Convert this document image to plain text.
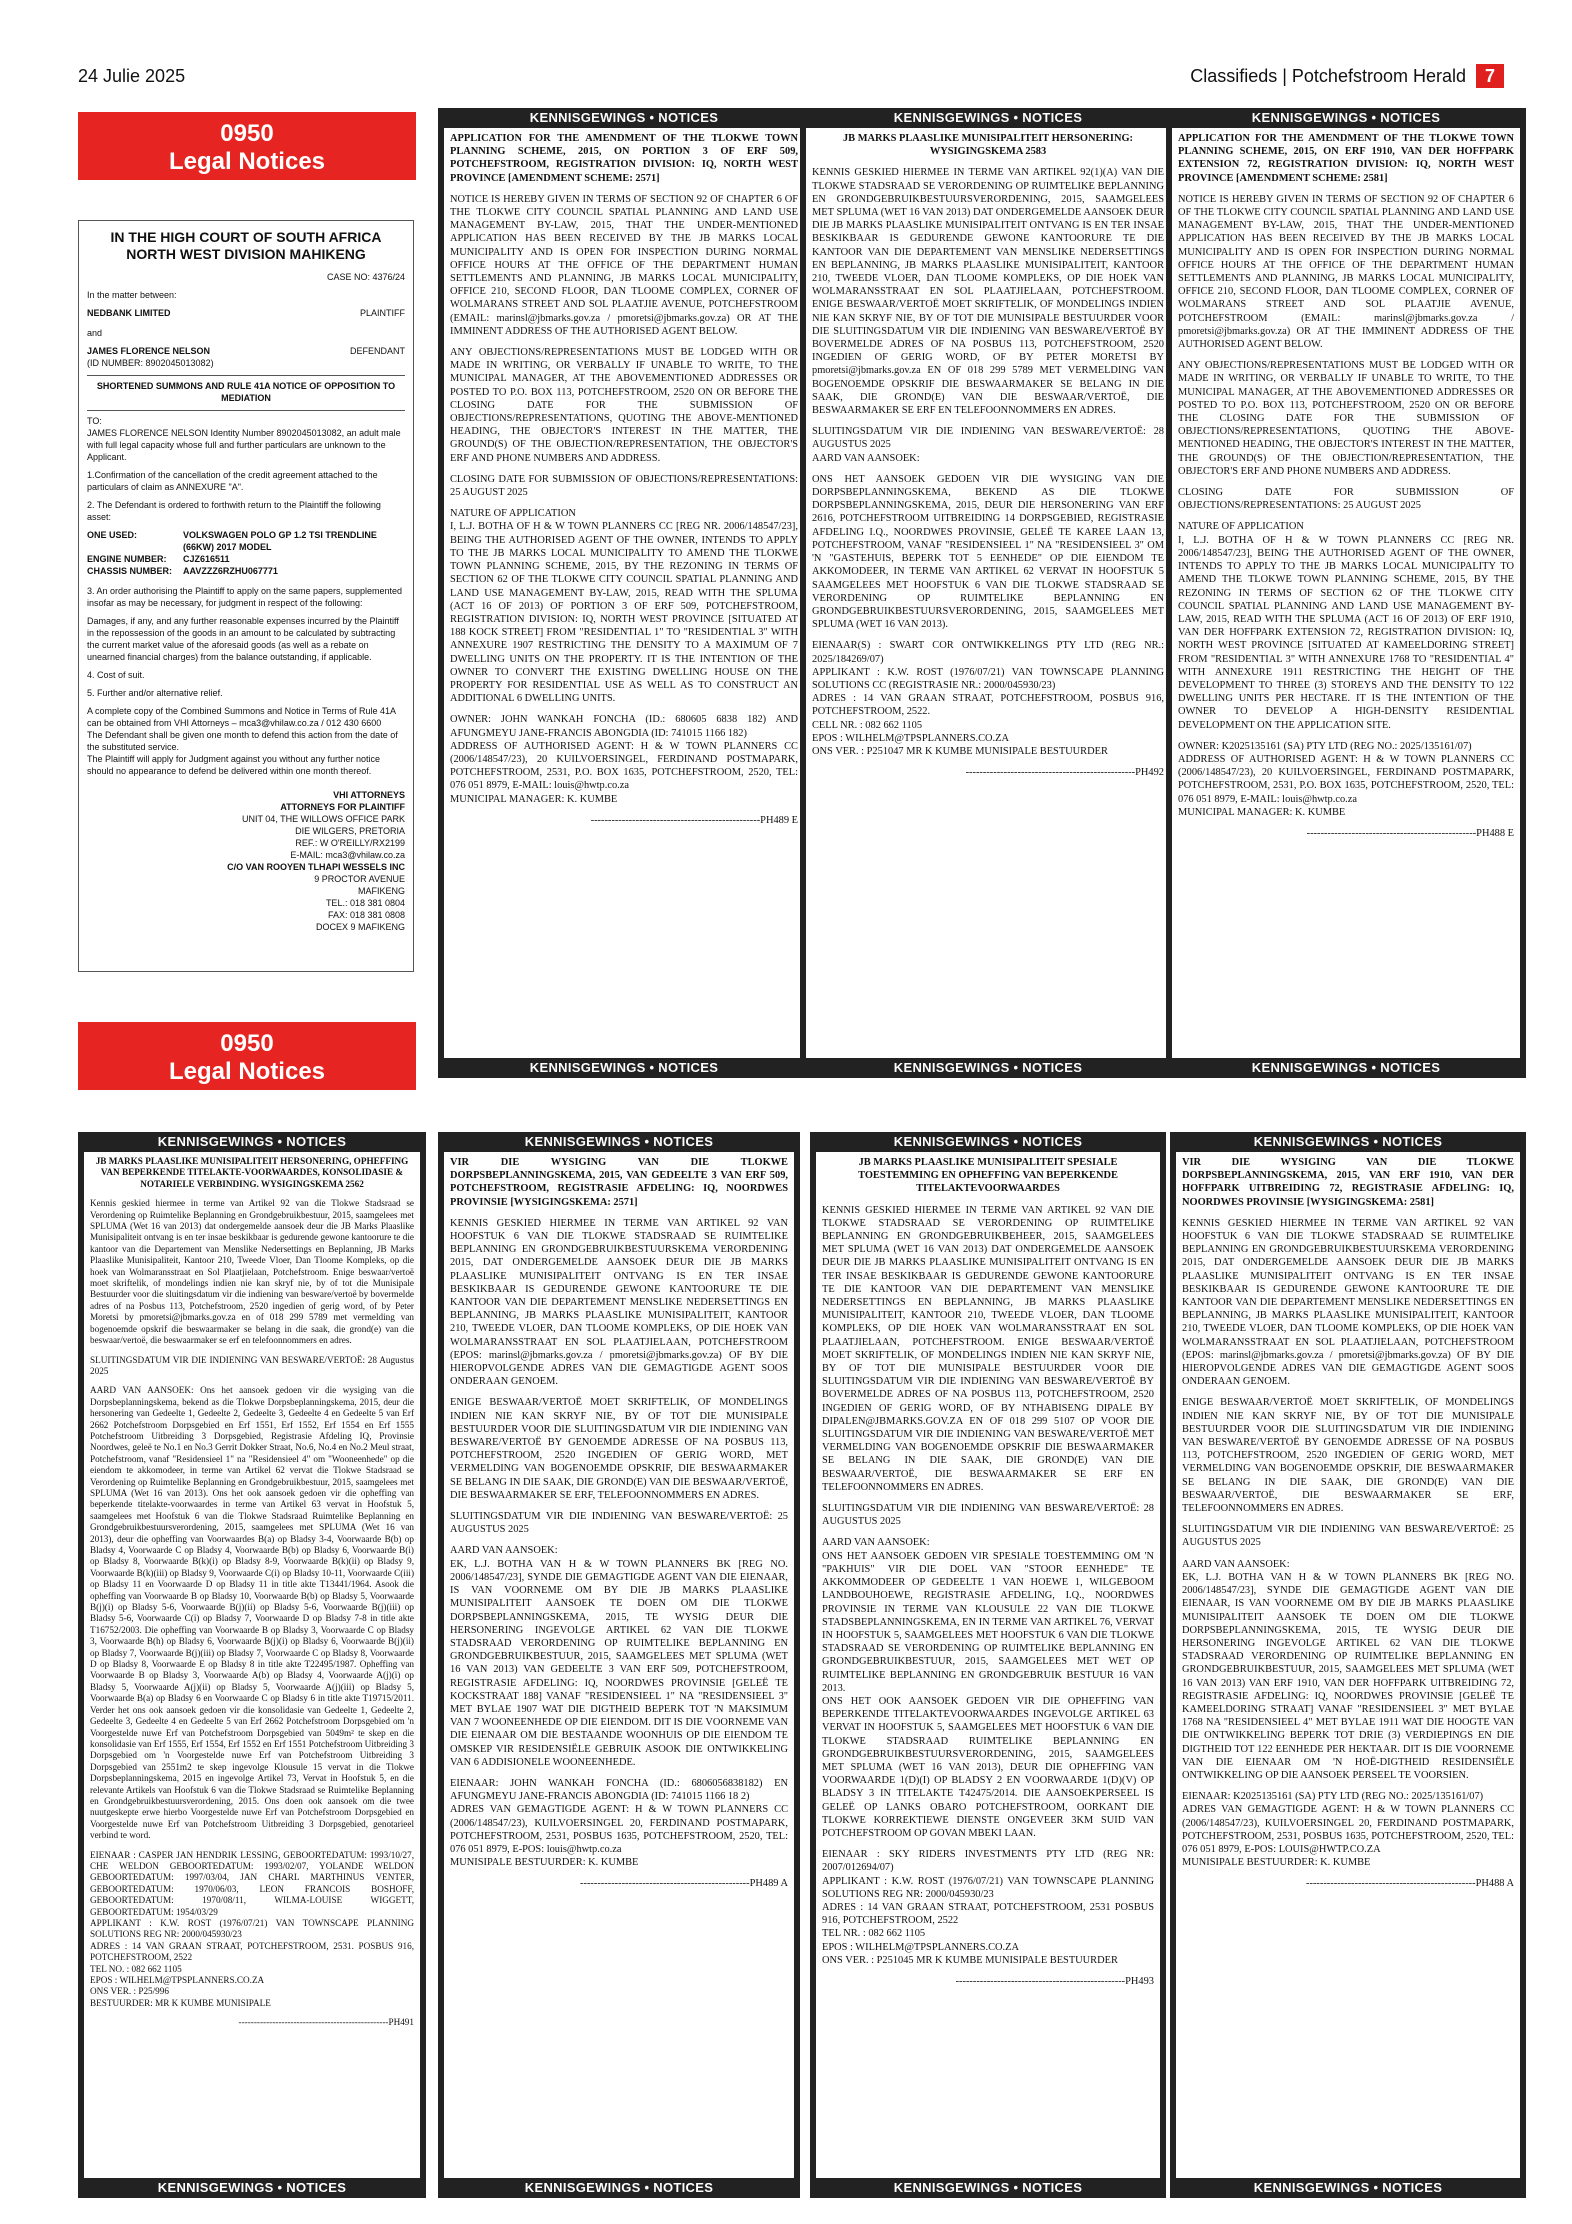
24 Julie 2025	Classifieds | Potchefstroom Herald	7
0950
Legal Notices
IN THE HIGH COURT OF SOUTH AFRICA NORTH WEST DIVISION MAHIKENG

CASE NO: 4376/24

In the matter between:

NEDBANK LIMITED	PLAINTIFF

and

JAMES FLORENCE NELSON	DEFENDANT

(ID NUMBER: 8902045013082)

SHORTENED SUMMONS AND RULE 41A NOTICE OF OPPOSITION TO MEDIATION

TO:

JAMES FLORENCE NELSON Identity Number 8902045013082, an adult male with full legal capacity whose full and further particulars are unknown to the Applicant.

1.Confirmation of the cancellation of the credit agreement attached to the particulars of claim as ANNEXURE "A".

2. The Defendant is ordered to forthwith return to the Plaintiff the following asset:

ONE USED:	VOLKSWAGEN POLO GP 1.2 TSI TRENDLINE (66KW) 2017 MODEL
ENGINE NUMBER:	CJZ616511
CHASSIS NUMBER:	AAVZZZ6RZHU067771

3. An order authorising the Plaintiff to apply on the same papers, supplemented insofar as may be necessary, for judgment in respect of the following:

Damages, if any, and any further reasonable expenses incurred by the Plaintiff in the repossession of the goods in an amount to be calculated by subtracting the current market value of the aforesaid goods (as well as a rebate on unearned financial charges) from the balance outstanding, if applicable.

4. Cost of suit.

5. Further and/or alternative relief.

A complete copy of the Combined Summons and Notice in Terms of Rule 41A can be obtained from VHI Attorneys – mca3@vhilaw.co.za / 012 430 6600

The Defendant shall be given one month to defend this action from the date of the substituted service.

The Plaintiff will apply for Judgment against you without any further notice should no appearance to defend be delivered within one month thereof.

VHI ATTORNEYS
ATTORNEYS FOR PLAINTIFF
UNIT 04, THE WILLOWS OFFICE PARK
DIE WILGERS, PRETORIA
REF.: W O'REILLY/RX2199
E-MAIL: mca3@vhilaw.co.za
C/O VAN ROOYEN TLHAPI WESSELS INC
9 PROCTOR AVENUE
MAFIKENG
TEL.: 018 381 0804
FAX: 018 381 0808
DOCEX 9 MAFIKENG
0950
Legal Notices
KENNISGEWINGS • NOTICES

APPLICATION FOR THE AMENDMENT OF THE TLOKWE TOWN PLANNING SCHEME, 2015, ON PORTION 3 OF ERF 509, POTCHEFSTROOM, REGISTRATION DIVISION: IQ, NORTH WEST PROVINCE [AMENDMENT SCHEME: 2571]

NOTICE IS HEREBY GIVEN IN TERMS OF SECTION 92 OF CHAPTER 6 OF THE TLOKWE CITY COUNCIL SPATIAL PLANNING AND LAND USE MANAGEMENT BY-LAW, 2015, THAT THE UNDER-MENTIONED APPLICATION HAS BEEN RECEIVED BY THE JB MARKS LOCAL MUNICIPALITY AND IS OPEN FOR INSPECTION DURING NORMAL OFFICE HOURS AT THE OFFICE OF THE DEPARTMENT HUMAN SETTLEMENTS AND PLANNING, JB MARKS LOCAL MUNICIPALITY, OFFICE 210, SECOND FLOOR, DAN TLOOME COMPLEX, CORNER OF WOLMARANS STREET AND SOL PLAATJIE AVENUE, POTCHEFSTROOM (EMAIL: marinsl@jbmarks.gov.za / pmoretsi@jbmarks.gov.za) OR AT THE IMMINENT ADDRESS OF THE AUTHORISED AGENT BELOW.

ANY OBJECTIONS/REPRESENTATIONS MUST BE LODGED WITH OR MADE IN WRITING, OR VERBALLY IF UNABLE TO WRITE, TO THE MUNICIPAL MANAGER, AT THE ABOVEMENTIONED ADDRESSES OR POSTED TO P.O. BOX 113, POTCHEFSTROOM, 2520 ON OR BEFORE THE CLOSING DATE FOR THE SUBMISSION OF OBJECTIONS/REPRESENTATIONS, QUOTING THE ABOVE-MENTIONED HEADING, THE OBJECTOR'S INTEREST IN THE MATTER, THE GROUND(S) OF THE OBJECTION/REPRESENTATION, THE OBJECTOR'S ERF AND PHONE NUMBERS AND ADDRESS.

CLOSING DATE FOR SUBMISSION OF OBJECTIONS/REPRESENTATIONS: 25 AUGUST 2025

NATURE OF APPLICATION
I, L.J. BOTHA OF H & W TOWN PLANNERS CC [REG NR. 2006/148547/23], BEING THE AUTHORISED AGENT OF THE OWNER, INTENDS TO APPLY TO THE JB MARKS LOCAL MUNICIPALITY TO AMEND THE TLOKWE TOWN PLANNING SCHEME, 2015, BY THE REZONING IN TERMS OF SECTION 62 OF THE TLOKWE CITY COUNCIL SPATIAL PLANNING AND LAND USE MANAGEMENT BY-LAW, 2015, READ WITH THE SPLUMA (ACT 16 OF 2013) OF PORTION 3 OF ERF 509, POTCHEFSTROOM, REGISTRATION DIVISION: IQ, NORTH WEST PROVINCE [SITUATED AT 188 KOCK STREET] FROM "RESIDENTIAL 1" TO "RESIDENTIAL 3" WITH ANNEXURE 1907 RESTRICTING THE DENSITY TO A MAXIMUM OF 7 DWELLING UNITS ON THE PROPERTY. IT IS THE INTENTION OF THE OWNER TO CONVERT THE EXISTING DWELLING HOUSE ON THE PROPERTY FOR RESIDENTIAL USE AS WELL AS TO CONSTRUCT AN ADDITIONAL 6 DWELLING UNITS.

OWNER: JOHN WANKAH FONCHA (ID.: 680605 6838 182) AND AFUNGMEYU JANE-FRANCIS ABONGDIA (ID: 741015 1166 182)
ADDRESS OF AUTHORISED AGENT: H & W TOWN PLANNERS CC (2006/148547/23), 20 KUILVOERSINGEL, FERDINAND POSTMAPARK, POTCHEFSTROOM, 2531, P.O. BOX 1635, POTCHEFSTROOM, 2520, TEL: 076 051 8979, E-MAIL: louis@hwtp.co.za
MUNICIPAL MANAGER: K. KUMBE

-------------------------------------------------PH489 E
KENNISGEWINGS • NOTICES
KENNISGEWINGS • NOTICES

JB MARKS PLAASLIKE MUNISIPALITEIT HERSONERING: WYSIGINGSKEMA 2583

KENNIS GESKIED HIERMEE IN TERME VAN ARTIKEL 92(1)(A) VAN DIE TLOKWE STADSRAAD SE VERORDENING OP RUIMTELIKE BEPLANNING EN GRONDGEBRUIKBESTUURSVERORDENING, 2015, SAAMGELEES MET SPLUMA (WET 16 VAN 2013) DAT ONDERGEMELDE AANSOEK DEUR DIE JB MARKS PLAASLIKE MUNISIPALITEIT ONTVANG IS EN TER INSAE BESKIKBAAR IS GEDURENDE GEWONE KANTOORURE TE DIE KANTOOR VAN DIE DEPARTEMENT VAN MENSLIKE NEDERSETTINGS EN BEPLANNING, JB MARKS PLAASLIKE MUNISIPALITEIT, KANTOOR 210, TWEEDE VLOER, DAN TLOOME KOMPLEKS, OP DIE HOEK VAN WOLMARANSSTRAAT EN SOL PLAATJIELAAN, POTCHEFSTROOM. ENIGE BESWAAR/VERTOË MOET SKRIFTELIK, OF MONDELINGS INDIEN NIE KAN SKRYF NIE, BY OF TOT DIE MUNISIPALE BESTUURDER VOOR DIE SLUITINGSDATUM VIR DIE INDIENING VAN BESWARE/VERTOË BY BOVERMELDE ADRES OF NA POSBUS 113, POTCHEFSTROOM, 2520 INGEDIEN OF GERIG WORD, OF BY PETER MORETSI BY pmoretsi@jbmarks.gov.za EN OF 018 299 5789 MET VERMELDING VAN BOGENOEMDE OPSKRIF DIE BESWAARMAKER SE BELANG IN DIE SAAK, DIE GROND(E) VAN DIE BESWAAR/VERTOË, DIE BESWAARMAKER SE ERF EN TELEFOONNOMMERS EN ADRES.

SLUITINGSDATUM VIR DIE INDIENING VAN BESWARE/VERTOË: 28 AUGUSTUS 2025
AARD VAN AANSOEK:

ONS HET AANSOEK GEDOEN VIR DIE WYSIGING VAN DIE DORPSBEPLANNINGSKEMA, BEKEND AS DIE TLOKWE DORPSBEPLANNINGSKEMA, 2015, DEUR DIE HERSONERING VAN ERF 2616, POTCHEFSTROOM UITBREIDING 14 DORPSGEBIED, REGISTRASIE AFDELING I.Q., NOORDWES PROVINSIE, GELEË TE KAREE LAAN 13, POTCHEFSTROOM, VANAF "RESIDENSIEEL 1" NA "RESIDENSIEEL 3" OM 'N "GASTEHUIS, BEPERK TOT 5 EENHEDE" OP DIE EIENDOM TE AKKOMODEER, IN TERME VAN ARTIKEL 62 VERVAT IN HOOFSTUK 5 SAAMGELEES MET HOOFSTUK 6 VAN DIE TLOKWE STADSRAAD SE VERORDENING OP RUIMTELIKE BEPLANNING EN GRONDGEBRUIKBESTUURSVERORDENING, 2015, SAAMGELEES MET SPLUMA (WET 16 VAN 2013).

EIENAAR(S) : SWART COR ONTWIKKELINGS PTY LTD (REG NR.: 2025/184269/07)
APPLIKANT : K.W. ROST (1976/07/21) VAN TOWNSCAPE PLANNING SOLUTIONS CC (REGISTRASIE NR.: 2000/045930/23)
ADRES : 14 VAN GRAAN STRAAT, POTCHEFSTROOM, POSBUS 916, POTCHEFSTROOM, 2522.
CELL NR. : 082 662 1105
EPOS : WILHELM@TPSPLANNERS.CO.ZA
ONS VER. : P251047 MR K KUMBE MUNISIPALE BESTUURDER

-------------------------------------------------PH492
KENNISGEWINGS • NOTICES
KENNISGEWINGS • NOTICES

APPLICATION FOR THE AMENDMENT OF THE TLOKWE TOWN PLANNING SCHEME, 2015, ON ERF 1910, VAN DER HOFFPARK EXTENSION 72, REGISTRATION DIVISION: IQ, NORTH WEST PROVINCE [AMENDMENT SCHEME: 2581]

NOTICE IS HEREBY GIVEN IN TERMS OF SECTION 92 OF CHAPTER 6 OF THE TLOKWE CITY COUNCIL SPATIAL PLANNING AND LAND USE MANAGEMENT BY-LAW, 2015, THAT THE UNDER-MENTIONED APPLICATION HAS BEEN RECEIVED BY THE JB MARKS LOCAL MUNICIPALITY AND IS OPEN FOR INSPECTION DURING NORMAL OFFICE HOURS AT THE OFFICE OF THE DEPARTMENT HUMAN SETTLEMENTS AND PLANNING, JB MARKS LOCAL MUNICIPALITY, OFFICE 210, SECOND FLOOR, DAN TLOOME COMPLEX, CORNER OF WOLMARANS STREET AND SOL PLAATJIE AVENUE, POTCHEFSTROOM (EMAIL: marinsl@jbmarks.gov.za / pmoretsi@jbmarks.gov.za) OR AT THE IMMINENT ADDRESS OF THE AUTHORISED AGENT BELOW.

ANY OBJECTIONS/REPRESENTATIONS MUST BE LODGED WITH OR MADE IN WRITING, OR VERBALLY IF UNABLE TO WRITE, TO THE MUNICIPAL MANAGER, AT THE ABOVEMENTIONED ADDRESSES OR POSTED TO P.O. BOX 113, POTCHEFSTROOM, 2520 ON OR BEFORE THE CLOSING DATE FOR THE SUBMISSION OF OBJECTIONS/REPRESENTATIONS, QUOTING THE ABOVE-MENTIONED HEADING, THE OBJECTOR'S INTEREST IN THE MATTER, THE GROUND(S) OF THE OBJECTION/REPRESENTATION, THE OBJECTOR'S ERF AND PHONE NUMBERS AND ADDRESS.

CLOSING DATE FOR SUBMISSION OF OBJECTIONS/REPRESENTATIONS: 25 AUGUST 2025

NATURE OF APPLICATION
I, L.J. BOTHA OF H & W TOWN PLANNERS CC [REG NR. 2006/148547/23], BEING THE AUTHORISED AGENT OF THE OWNER, INTENDS TO APPLY TO THE JB MARKS LOCAL MUNICIPALITY TO AMEND THE TLOKWE TOWN PLANNING SCHEME, 2015, BY THE REZONING IN TERMS OF SECTION 62 OF THE TLOKWE CITY COUNCIL SPATIAL PLANNING AND LAND USE MANAGEMENT BY-LAW, 2015, READ WITH THE SPLUMA (ACT 16 OF 2013) OF ERF 1910, VAN DER HOFFPARK EXTENSION 72, REGISTRATION DIVISION: IQ, NORTH WEST PROVINCE [SITUATED AT KAMEELDORING STREET] FROM "RESIDENTIAL 3" WITH ANNEXURE 1768 TO "RESIDENTIAL 4" WITH ANNEXURE 1911 RESTRICTING THE HEIGHT OF THE DEVELOPMENT TO THREE (3) STOREYS AND THE DENSITY TO 122 DWELLING UNITS PER HECTARE. IT IS THE INTENTION OF THE OWNER TO DEVELOP A HIGH-DENSITY RESIDENTIAL DEVELOPMENT ON THE APPLICATION SITE.

OWNER: K2025135161 (SA) PTY LTD (REG NO.: 2025/135161/07)
ADDRESS OF AUTHORISED AGENT: H & W TOWN PLANNERS CC (2006/148547/23), 20 KUILVOERSINGEL, FERDINAND POSTMAPARK, POTCHEFSTROOM, 2531, P.O. BOX 1635, POTCHEFSTROOM, 2520, TEL: 076 051 8979, E-MAIL: louis@hwtp.co.za
MUNICIPAL MANAGER: K. KUMBE

-------------------------------------------------PH488 E
KENNISGEWINGS • NOTICES
KENNISGEWINGS • NOTICES

JB MARKS PLAASLIKE MUNISIPALITEIT HERSONERING, OPHEFFING VAN BEPERKENDE TITELAKTE-VOORWAARDES, KONSOLIDASIE & NOTARIELE VERBINDING. WYSIGINGSKEMA 2562

Kennis geskied hiermee in terme van Artikel 92 van die Tlokwe Stadsraad se Verordening op Ruimtelike Beplanning en Grondgebruikbestuur, 2015, saamgelees met SPLUMA (Wet 16 van 2013) dat ondergemelde aansoek deur die JB Marks Plaaslike Munisipaliteit ontvang is en ter insae beskikbaar is gedurende gewone kantoorure te die kantoor van die Departement van Menslike Nedersettings en Beplanning, JB Marks Plaaslike Munisipaliteit, Kantoor 210, Tweede Vloer, Dan Tloome Kompleks, op die hoek van Wolmaransstraat en Sol Plaatjielaan, Potchefstroom. Enige beswaar/vertoë moet skriftelik, of mondelings indien nie kan skryf nie, by of tot die Munisipale Bestuurder voor die sluitingsdatum vir die indiening van besware/vertoë by bovermelde adres of na Posbus 113, Potchefstroom, 2520 ingedien of gerig word, of by Peter Moretsi by pmoretsi@jbmarks.gov.za en of 018 299 5789 met vermelding van bogenoemde opskrif die beswaarmaker se belang in die saak, die grond(e) van die beswaar/vertoë, die beswaarmaker se erf en telefoonnommers en adres.

SLUITINGSDATUM VIR DIE INDIENING VAN BESWARE/VERTOË: 28 Augustus 2025

AARD VAN AANSOEK: Ons het aansoek gedoen vir die wysiging van die Dorpsbeplanningskema, bekend as die Tlokwe Dorpsbeplanningskema, 2015, deur die hersonering van Gedeelte 1, Gedeelte 2, Gedeelte 3, Gedeelte 4 en Gedeelte 5 van Erf 2662 Potchefstroom Dorpsgebied en Erf 1551, Erf 1552, Erf 1554 en Erf 1555 Potchefstroom Uitbreiding 3 Dorpsgebied, Registrasie Afdeling IQ, Provinsie Noordwes, geleë te No.1 en No.3 Gerrit Dokker Straat, No.6, No.4 en No.2 Meul straat, Potchefstroom, vanaf "Residensieel 1" na "Residensieel 4" om "Wooneenhede" op die eiendom te akkomodeer, in terme van Artikel 62 vervat die Tlokwe Stadsraad se Verordening op Ruimtelike Beplanning en Grondgebruikbestuur, 2015, saamgelees met SPLUMA (Wet 16 van 2013). Ons het ook aansoek gedoen vir die opheffing van beperkende titelakte-voorwaardes in terme van Artikel 63 vervat in Hoofstuk 5, saamgelees met Hoofstuk 6 van die Tlokwe Stadsraad Ruimtelike Beplanning en Grondgebruikbestuursverordening, 2015, saamgelees met SPLUMA (Wet 16 van 2013), deur die opheffing van Voorwaardes B(a) op Bladsy 3-4, Voorwaarde B(b) op Bladsy 4, Voorwaarde C op Bladsy 4, Voorwaarde B(b) op Bladsy 6, Voorwaarde B(i) op Bladsy 8, Voorwaarde B(k)(i) op Bladsy 8-9, Voorwaarde B(k)(ii) op Bladsy 9, Voorwaarde B(k)(iii) op Bladsy 9, Voorwaarde C(i) op Bladsy 10-11, Voorwaarde C(iii) op Bladsy 11 en Voorwaarde D op Bladsy 11 in title akte T13441/1964. Asook die opheffing van Voorwaarde B op Bladsy 10, Voorwaarde B(b) op Bladsy 5, Voorwaarde B(j)(i) op Bladsy 5-6, Voorwaarde B(j)(ii) op Bladsy 5-6, Voorwaarde B(j)(iii) op Bladsy 5-6, Voorwaarde C(i) op Bladsy 7, Voorwaarde D op Bladsy 7-8 in title akte T16752/2003. Die opheffing van Voorwaarde B op Bladsy 3, Voorwaarde C op Bladsy 3, Voorwaarde B(h) op Bladsy 6, Voorwaarde B(j)(i) op Bladsy 6, Voorwaarde B(j)(ii) op Bladsy 7, Voorwaarde B(j)(iii) op Bladsy 7, Voorwaarde C op Bladsy 8, Voorwaarde D op Bladsy 8, Voorwaarde E op Bladsy 8 in title akte T22495/1987. Opheffing van Voorwaarde B op Bladsy 3, Voorwaarde A(b) op Bladsy 4, Voorwaarde A(j)(i) op Bladsy 5, Voorwaarde A(j)(ii) op Bladsy 5, Voorwaarde A(j)(iii) op Bladsy 5, Voorwaarde B(a) op Bladsy 6 en Voorwaarde C op Bladsy 6 in title akte T19715/2011. Verder het ons ook aansoek gedoen vir die konsolidasie van Gedeelte 1, Gedeelte 2, Gedeelte 3, Gedeelte 4 en Gedeelte 5 van Erf 2662 Potchefstroom Dorpsgebied om 'n Voorgestelde nuwe Erf van Potchefstroom Dorpsgebied van 5049m² te skep en die konsolidasie van Erf 1555, Erf 1554, Erf 1552 en Erf 1551 Potchefstroom Uitbreiding 3 Dorpsgebied om 'n Voorgestelde nuwe Erf van Potchefstroom Uitbreiding 3 Dorpsgebied van 2551m2 te skep ingevolge Klousule 15 vervat in die Tlokwe Dorpsbeplanningskema, 2015 en ingevolge Artikel 73, Vervat in Hoofstuk 5, en die relevante Artikels van Hoofstuk 6 van die Tlokwe Stadsraad se Ruimtelike Beplanning en Grondgebruikbestuursverordening, 2015. Ons doen ook aansoek om die twee nuutgeskepte erwe hierbo Voorgestelde nuwe Erf van Potchefstroom Dorpsgebied en Voorgestelde nuwe Erf van Potchefstroom Uitbreiding 3 Dorpsgebied, genotarieel verbind te word.

EIENAAR : CASPER JAN HENDRIK LESSING, GEBOORTEDATUM: 1993/10/27, CHE WELDON GEBOORTEDATUM: 1993/02/07, YOLANDE WELDON GEBOORTEDATUM: 1997/03/04, JAN CHARL MARTHINUS VENTER, GEBOORTEDATUM: 1970/06/03, LEON FRANCOIS BOSHOFF, GEBOORTEDATUM: 1970/08/11, WILMA-LOUISE WIGGETT, GEBOORTEDATUM: 1954/03/29
APPLIKANT : K.W. ROST (1976/07/21) VAN TOWNSCAPE PLANNING SOLUTIONS REG NR: 2000/045930/23
ADRES : 14 VAN GRAAN STRAAT, POTCHEFSTROOM, 2531. POSBUS 916, POTCHEFSTROOM, 2522
TEL NO. : 082 662 1105
EPOS : WILHELM@TPSPLANNERS.CO.ZA
ONS VER. : P25/996
BESTUURDER: MR K KUMBE MUNISIPALE

-------------------------------------------------PH491
KENNISGEWINGS • NOTICES
KENNISGEWINGS • NOTICES

VIR DIE WYSIGING VAN DIE TLOKWE DORPSBEPLANNINGSKEMA, 2015, VAN GEDEELTE 3 VAN ERF 509, POTCHEFSTROOM, REGISTRASIE AFDELING: IQ, NOORDWES PROVINSIE [WYSIGINGSKEMA: 2571]

KENNIS GESKIED HIERMEE IN TERME VAN ARTIKEL 92 VAN HOOFSTUK 6 VAN DIE TLOKWE STADSRAAD SE RUIMTELIKE BEPLANNING EN GRONDGEBRUIKBESTUURSKEMA VERORDENING 2015, DAT ONDERGEMELDE AANSOEK DEUR DIE JB MARKS PLAASLIKE MUNISIPALITEIT ONTVANG IS EN TER INSAE BESKIKBAAR IS GEDURENDE GEWONE KANTOORURE TE DIE KANTOOR VAN DIE DEPARTEMENT MENSLIKE NEDERSETTINGS EN BEPLANNING, JB MARKS PLAASLIKE MUNISIPALITEIT, KANTOOR 210, TWEEDE VLOER, DAN TLOOME KOMPLEKS, OP DIE HOEK VAN WOLMARANSSTRAAT EN SOL PLAATJIELAAN, POTCHEFSTROOM (EPOS: marinsl@jbmarks.gov.za / pmoretsi@jbmarks.gov.za) OF BY DIE HIEROPVOLGENDE ADRES VAN DIE GEMAGTIGDE AGENT SOOS ONDERAAN GENOEM.

ENIGE BESWAAR/VERTOË MOET SKRIFTELIK, OF MONDELINGS INDIEN NIE KAN SKRYF NIE, BY OF TOT DIE MUNISIPALE BESTUURDER VOOR DIE SLUITINGSDATUM VIR DIE INDIENING VAN BESWARE/VERTOË BY GENOEMDE ADRESSE OF NA POSBUS 113, POTCHEFSTROOM, 2520 INGEDIEN OF GERIG WORD, MET VERMELDING VAN BOGENOEMDE OPSKRIF, DIE BESWAARMAKER SE BELANG IN DIE SAAK, DIE GROND(E) VAN DIE BESWAAR/VERTOË, DIE BESWAARMAKER SE ERF, TELEFOONNOMMERS EN ADRES.

SLUITINGSDATUM VIR DIE INDIENING VAN BESWARE/VERTOË: 25 AUGUSTUS 2025

AARD VAN AANSOEK:
EK, L.J. BOTHA VAN H & W TOWN PLANNERS BK [REG NO. 2006/148547/23], SYNDE DIE GEMAGTIGDE AGENT VAN DIE EIENAAR, IS VAN VOORNEME OM BY DIE JB MARKS PLAASLIKE MUNISIPALITEIT AANSOEK TE DOEN OM DIE TLOKWE DORPSBEPLANNINGSKEMA, 2015, TE WYSIG DEUR DIE HERSONERING INGEVOLGE ARTIKEL 62 VAN DIE TLOKWE STADSRAAD VERORDENING OP RUIMTELIKE BEPLANNING EN GRONDGEBRUIKBESTUUR, 2015, SAAMGELEES MET SPLUMA (WET 16 VAN 2013) VAN GEDEELTE 3 VAN ERF 509, POTCHEFSTROOM, REGISTRASIE AFDELING: IQ, NOORDWES PROVINSIE [GELEË TE KOCKSTRAAT 188] VANAF "RESIDENSIEEL 1" NA "RESIDENSIEEL 3" MET BYLAE 1907 WAT DIE DIGTHEID BEPERK TOT 'N MAKSIMUM VAN 7 WOONEENHEDE OP DIE EIENDOM. DIT IS DIE VOORNEME VAN DIE EIENAAR OM DIE BESTAANDE WOONHUIS OP DIE EIENDOM TE OMSKEP VIR RESIDENSIËLE GEBRUIK ASOOK DIE ONTWIKKELING VAN 6 ADDISIONELE WOONEENHEDE.

EIENAAR: JOHN WANKAH FONCHA (ID.: 6806056838182) EN AFUNGMEYU JANE-FRANCIS ABONGDIA (ID: 741015 1166 18 2)
ADRES VAN GEMAGTIGDE AGENT: H & W TOWN PLANNERS CC (2006/148547/23), KUILVOERSINGEL 20, FERDINAND POSTMAPARK, POTCHEFSTROOM, 2531, POSBUS 1635, POTCHEFSTROOM, 2520, TEL: 076 051 8979, E-POS: louis@hwtp.co.za
MUNISIPALE BESTUURDER: K. KUMBE

-------------------------------------------------PH489 A
KENNISGEWINGS • NOTICES
KENNISGEWINGS • NOTICES

JB MARKS PLAASLIKE MUNISIPALITEIT SPESIALE TOESTEMMING EN OPHEFFING VAN BEPERKENDE TITELAKTEVOORWAARDES

KENNIS GESKIED HIERMEE IN TERME VAN ARTIKEL 92 VAN DIE TLOKWE STADSRAAD SE VERORDENING OP RUIMTELIKE BEPLANNING EN GRONDGEBRUIKBEHEER, 2015, SAAMGELEES MET SPLUMA (WET 16 VAN 2013) DAT ONDERGEMELDE AANSOEK DEUR DIE JB MARKS PLAASLIKE MUNISIPALITEIT ONTVANG IS EN TER INSAE BESKIKBAAR IS GEDURENDE GEWONE KANTOORURE TE DIE KANTOOR VAN DIE DEPARTEMENT VAN MENSLIKE NEDERSETTINGS EN BEPLANNING, JB MARKS PLAASLIKE MUNISIPALITEIT, KANTOOR 210, TWEEDE VLOER, DAN TLOOME KOMPLEKS, OP DIE HOEK VAN WOLMARANSSTRAAT EN SOL PLAATJIELAAN, POTCHEFSTROOM. ENIGE BESWAAR/VERTOË MOET SKRIFTELIK, OF MONDELINGS INDIEN NIE KAN SKRYF NIE, BY OF TOT DIE MUNISIPALE BESTUURDER VOOR DIE SLUITINGSDATUM VIR DIE INDIENING VAN BESWARE/VERTOË BY BOVERMELDE ADRES OF NA POSBUS 113, POTCHEFSTROOM, 2520 INGEDIEN OF GERIG WORD, OF BY NTHABISENG DIPALE BY DIPALEN@JBMARKS.GOV.ZA EN OF 018 299 5107 OP VOOR DIE SLUITINGSDATUM VIR DIE INDIENING VAN BESWARE/VERTOË MET VERMELDING VAN BOGENOEMDE OPSKRIF DIE BESWAARMAKER SE BELANG IN DIE SAAK, DIE GROND(E) VAN DIE BESWAAR/VERTOË, DIE BESWAARMAKER SE ERF EN TELEFOONNOMMERS EN ADRES.

SLUITINGSDATUM VIR DIE INDIENING VAN BESWARE/VERTOË: 28 AUGUSTUS 2025

AARD VAN AANSOEK:
ONS HET AANSOEK GEDOEN VIR SPESIALE TOESTEMMING OM 'N "PAKHUIS" VIR DIE DOEL VAN "STOOR EENHEDE" TE AKKOMMODEER OP GEDEELTE 1 VAN HOEWE 1, WILGEBOOM LANDBOUHOEWE, REGISTRASIE AFDELING, I.Q., NOORDWES PROVINSIE IN TERME VAN KLOUSULE 22 VAN DIE TLOKWE STADSBEPLANNINGSKEMA, EN IN TERME VAN ARTIKEL 76, VERVAT IN HOOFSTUK 5, SAAMGELEES MET HOOFSTUK 6 VAN DIE TLOKWE STADSRAAD SE VERORDENING OP RUIMTELIKE BEPLANNING EN GRONDGEBRUIKBESTUUR, 2015, SAAMGELEES MET WET OP RUIMTELIKE BEPLANNING EN GRONDGEBRUIK BESTUUR 16 VAN 2013.
ONS HET OOK AANSOEK GEDOEN VIR DIE OPHEFFING VAN BEPERKENDE TITELAKTEVOORWAARDES INGEVOLGE ARTIKEL 63 VERVAT IN HOOFSTUK 5, SAAMGELEES MET HOOFSTUK 6 VAN DIE TLOKWE STADSRAAD RUIMTELIKE BEPLANNING EN GRONDGEBRUIKBESTUURSVERORDENING, 2015, SAAMGELEES MET SPLUMA (WET 16 VAN 2013), DEUR DIE OPHEFFING VAN VOORWAARDE 1(D)(I) OP BLADSY 2 EN VOORWAARDE 1(D)(V) OP BLADSY 3 IN TITELAKTE T42475/2014. DIE AANSOEKPERSEEL IS GELEË OP LANKS OBARO POTCHEFSTROOM, OORKANT DIE TLOKWE KORREKTIEWE DIENSTE ONGEVEER 3KM SUID VAN POTCHEFSTROOM OP GOVAN MBEKI LAAN.

EIENAAR : SKY RIDERS INVESTMENTS PTY LTD (REG NR: 2007/012694/07)
APPLIKANT : K.W. ROST (1976/07/21) VAN TOWNSCAPE PLANNING SOLUTIONS REG NR: 2000/045930/23
ADRES : 14 VAN GRAAN STRAAT, POTCHEFSTROOM, 2531 POSBUS 916, POTCHEFSTROOM, 2522
TEL NR. : 082 662 1105
EPOS : WILHELM@TPSPLANNERS.CO.ZA
ONS VER. : P251045 MR K KUMBE MUNISIPALE BESTUURDER

-------------------------------------------------PH493
KENNISGEWINGS • NOTICES
KENNISGEWINGS • NOTICES

VIR DIE WYSIGING VAN DIE TLOKWE DORPSBEPLANNINGSKEMA, 2015, VAN ERF 1910, VAN DER HOFFPARK UITBREIDING 72, REGISTRASIE AFDELING: IQ, NOORDWES PROVINSIE [WYSIGINGSKEMA: 2581]

KENNIS GESKIED HIERMEE IN TERME VAN ARTIKEL 92 VAN HOOFSTUK 6 VAN DIE TLOKWE STADSRAAD SE RUIMTELIKE BEPLANNING EN GRONDGEBRUIKBESTUURSKEMA VERORDENING 2015, DAT ONDERGEMELDE AANSOEK DEUR DIE JB MARKS PLAASLIKE MUNISIPALITEIT ONTVANG IS EN TER INSAE BESKIKBAAR IS GEDURENDE GEWONE KANTOORURE TE DIE KANTOOR VAN DIE DEPARTEMENT MENSLIKE NEDERSETTINGS EN BEPLANNING, JB MARKS PLAASLIKE MUNISIPALITEIT, KANTOOR 210, TWEEDE VLOER, DAN TLOOME KOMPLEKS, OP DIE HOEK VAN WOLMARANSSTRAAT EN SOL PLAATJIELAAN, POTCHEFSTROOM (EPOS: marinsl@jbmarks.gov.za / pmoretsi@jbmarks.gov.za) OF BY DIE HIEROPVOLGENDE ADRES VAN DIE GEMAGTIGDE AGENT SOOS ONDERAAN GENOEM.

ENIGE BESWAAR/VERTOË MOET SKRIFTELIK, OF MONDELINGS INDIEN NIE KAN SKRYF NIE, BY OF TOT DIE MUNISIPALE BESTUURDER VOOR DIE SLUITINGSDATUM VIR DIE INDIENING VAN BESWARE/VERTOË BY GENOEMDE ADRESSE OF NA POSBUS 113, POTCHEFSTROOM, 2520 INGEDIEN OF GERIG WORD, MET VERMELDING VAN BOGENOEMDE OPSKRIF, DIE BESWAARMAKER SE BELANG IN DIE SAAK, DIE GROND(E) VAN DIE BESWAAR/VERTOË, DIE BESWAARMAKER SE ERF, TELEFOONNOMMERS EN ADRES.

SLUITINGSDATUM VIR DIE INDIENING VAN BESWARE/VERTOË: 25 AUGUSTUS 2025

AARD VAN AANSOEK:
EK, L.J. BOTHA VAN H & W TOWN PLANNERS BK [REG NO. 2006/148547/23], SYNDE DIE GEMAGTIGDE AGENT VAN DIE EIENAAR, IS VAN VOORNEME OM BY DIE JB MARKS PLAASLIKE MUNISIPALITEIT AANSOEK TE DOEN OM DIE TLOKWE DORPSBEPLANNINGSKEMA, 2015, TE WYSIG DEUR DIE HERSONERING INGEVOLGE ARTIKEL 62 VAN DIE TLOKWE STADSRAAD VERORDENING OP RUIMTELIKE BEPLANNING EN GRONDGEBRUIKBESTUUR, 2015, SAAMGELEES MET SPLUMA (WET 16 VAN 2013) VAN ERF 1910, VAN DER HOFFPARK UITBREIDING 72, REGISTRASIE AFDELING: IQ, NOORDWES PROVINSIE [GELEË TE KAMEELDORING STRAAT] VANAF "RESIDENSIEEL 3" MET BYLAE 1768 NA "RESIDENSIEEL 4" MET BYLAE 1911 WAT DIE HOOGTE VAN DIE ONTWIKKELING BEPERK TOT DRIE (3) VERDIEPINGS EN DIE DIGTHEID TOT 122 EENHEDE PER HEKTAAR. DIT IS DIE VOORNEME VAN DIE EIENAAR OM 'N HOË-DIGTHEID RESIDENSIËLE ONTWIKKELING OP DIE AANSOEK PERSEEL TE VOORSIEN.

EIENAAR: K2025135161 (SA) PTY LTD (REG NO.: 2025/135161/07)
ADRES VAN GEMAGTIGDE AGENT: H & W TOWN PLANNERS CC (2006/148547/23), KUILVOERSINGEL 20, FERDINAND POSTMAPARK, POTCHEFSTROOM, 2531, POSBUS 1635, POTCHEFSTROOM, 2520, TEL: 076 051 8979, E-POS: LOUIS@HWTP.CO.ZA
MUNISIPALE BESTUURDER: K. KUMBE

-------------------------------------------------PH488 A
KENNISGEWINGS • NOTICES
